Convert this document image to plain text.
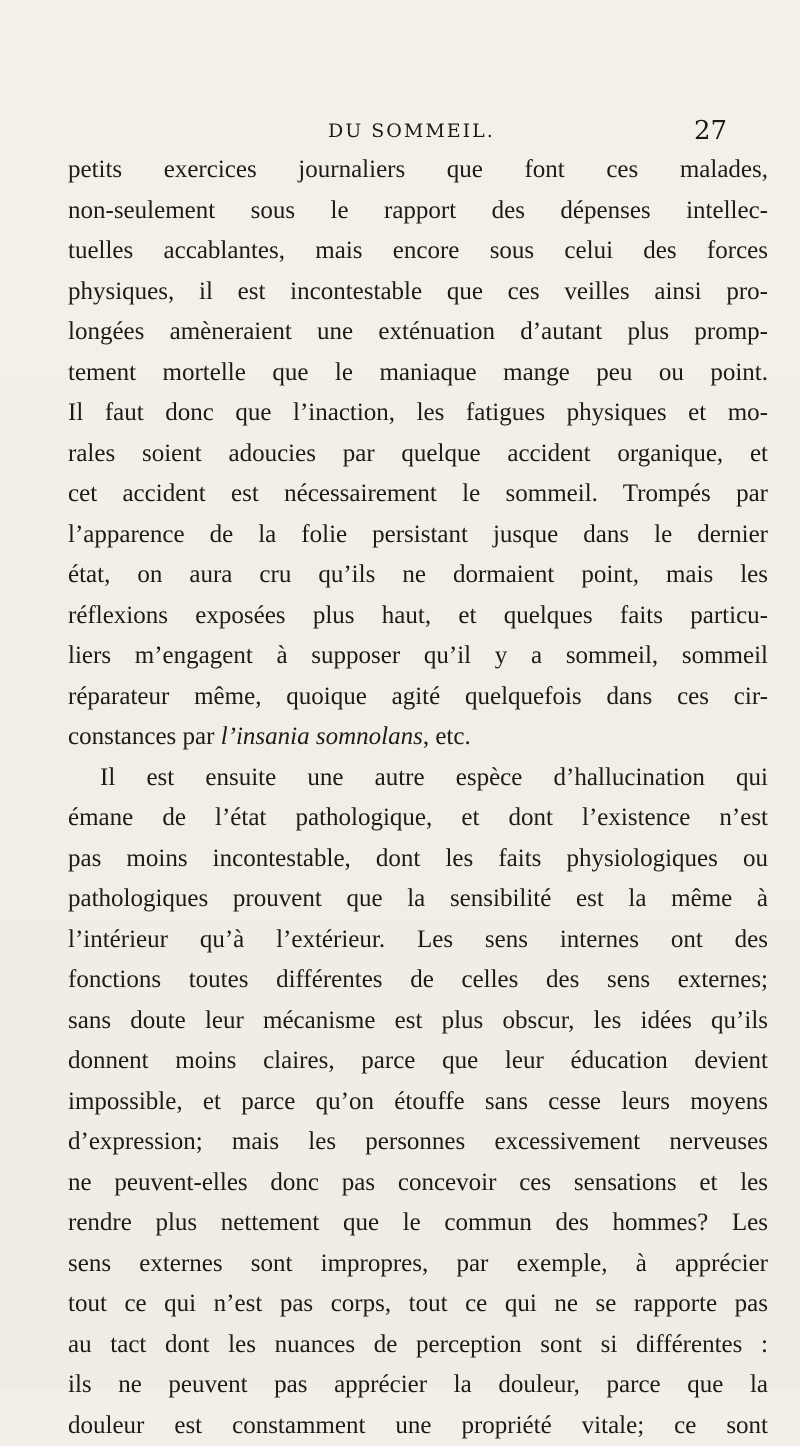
DU SOMMEIL.	27
petits exercices journaliers que font ces malades,
non-seulement sous le rapport des dépenses intellec-
tuelles accablantes, mais encore sous celui des forces
physiques, il est incontestable que ces veilles ainsi pro-
longées amèneraient une exténuation d’autant plus promp-
tement mortelle que le maniaque mange peu ou point.
Il faut donc que l’inaction, les fatigues physiques et mo-
rales soient adoucies par quelque accident organique, et
cet accident est nécessairement le sommeil. Trompés par
l’apparence de la folie persistant jusque dans le dernier
état, on aura cru qu’ils ne dormaient point, mais les
réflexions exposées plus haut, et quelques faits particu-
liers m’engagent à supposer qu’il y a sommeil, sommeil
réparateur même, quoique agité quelquefois dans ces cir-
constances par l’insania somnolans, etc.
Il est ensuite une autre espèce d’hallucination qui
émane de l’état pathologique, et dont l’existence n’est
pas moins incontestable, dont les faits physiologiques ou
pathologiques prouvent que la sensibilité est la même à
l’intérieur qu’à l’extérieur. Les sens internes ont des
fonctions toutes différentes de celles des sens externes;
sans doute leur mécanisme est plus obscur, les idées qu’ils
donnent moins claires, parce que leur éducation devient
impossible, et parce qu’on étouffe sans cesse leurs moyens
d’expression; mais les personnes excessivement nerveuses
ne peuvent-elles donc pas concevoir ces sensations et les
rendre plus nettement que le commun des hommes? Les
sens externes sont impropres, par exemple, à apprécier
tout ce qui n’est pas corps, tout ce qui ne se rapporte pas
au tact dont les nuances de perception sont si différentes :
ils ne peuvent pas apprécier la douleur, parce que la
douleur est constamment une propriété vitale; ce sont
